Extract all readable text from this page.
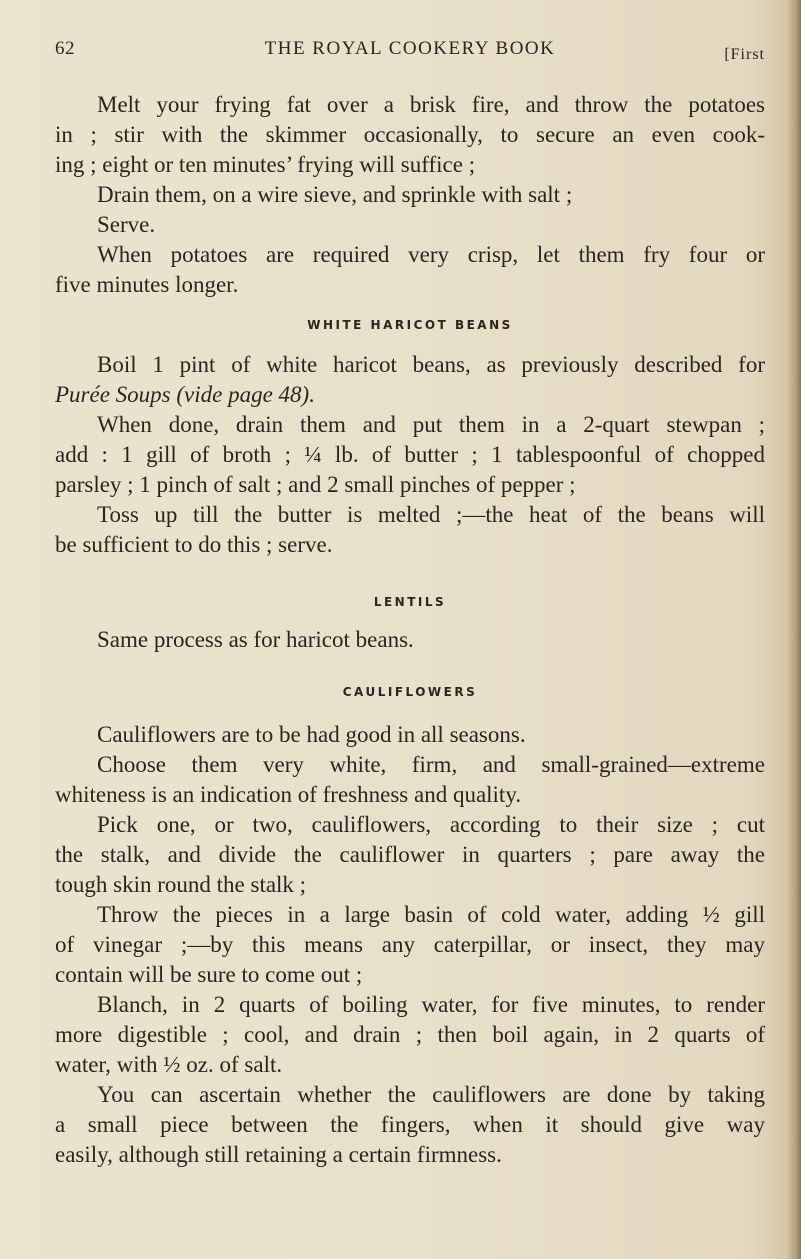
62	THE ROYAL COOKERY BOOK	[First
Melt your frying fat over a brisk fire, and throw the potatoes
in ; stir with the skimmer occasionally, to secure an even cook-
ing ; eight or ten minutes’ frying will suffice ;
Drain them, on a wire sieve, and sprinkle with salt ;
Serve.
When potatoes are required very crisp, let them fry four or
five minutes longer.
WHITE HARICOT BEANS
Boil 1 pint of white haricot beans, as previously described for
Purée Soups (vide page 48).
When done, drain them and put them in a 2-quart stewpan ;
add : 1 gill of broth ; ¼ lb. of butter ; 1 tablespoonful of chopped
parsley ; 1 pinch of salt ; and 2 small pinches of pepper ;
Toss up till the butter is melted ;—the heat of the beans will
be sufficient to do this ; serve.
LENTILS
Same process as for haricot beans.
CAULIFLOWERS
Cauliflowers are to be had good in all seasons.
Choose them very white, firm, and small-grained—extreme
whiteness is an indication of freshness and quality.
Pick one, or two, cauliflowers, according to their size ; cut
the stalk, and divide the cauliflower in quarters ; pare away the
tough skin round the stalk ;
Throw the pieces in a large basin of cold water, adding ½ gill
of vinegar ;—by this means any caterpillar, or insect, they may
contain will be sure to come out ;
Blanch, in 2 quarts of boiling water, for five minutes, to render
more digestible ; cool, and drain ; then boil again, in 2 quarts of
water, with ½ oz. of salt.
You can ascertain whether the cauliflowers are done by taking
a small piece between the fingers, when it should give way
easily, although still retaining a certain firmness.
